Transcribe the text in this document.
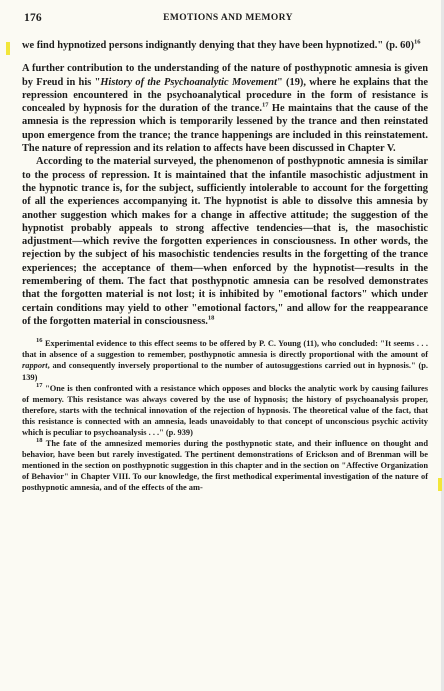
176	EMOTIONS AND MEMORY

we find hypnotized persons indignantly denying that they have been hypnotized." (p. 60)$^{16}$

A further contribution to the understanding of the nature of posthypnotic amnesia is given by Freud in his "History of the Psychoanalytic Movement" (19), where he explains that the repression encountered in the psychoanalytical procedure in the form of resistance is concealed by hypnosis for the duration of the trance.$^{17}$ He maintains that the cause of the amnesia is the repression which is temporarily lessened by the trance and then reinstated upon emergence from the trance; the trance happenings are included in this reinstatement. The nature of repression and its relation to affects have been discussed in Chapter V.

According to the material surveyed, the phenomenon of posthypnotic amnesia is similar to the process of repression. It is maintained that the infantile masochistic adjustment in the hypnotic trance is, for the subject, sufficiently intolerable to account for the forgetting of all the experiences accompanying it. The hypnotist is able to dissolve this amnesia by another suggestion which makes for a change in affective attitude; the suggestion of the hypnotist probably appeals to strong affective tendencies—that is, the masochistic adjustment—which revive the forgotten experiences in consciousness. In other words, the rejection by the subject of his masochistic tendencies results in the forgetting of the trance experiences; the acceptance of them—when enforced by the hypnotist—results in the remembering of them. The fact that posthypnotic amnesia can be resolved demonstrates that the forgotten material is not lost; it is inhibited by "emotional factors" which under certain conditions may yield to other "emotional factors," and allow for the reappearance of the forgotten material in consciousness.$^{18}$

$^{16}$ Experimental evidence to this effect seems to be offered by P. C. Young (11), who concluded: "It seems . . . that in absence of a suggestion to remember, posthypnotic amnesia is directly proportional with the amount of rapport, and consequently inversely proportional to the number of autosuggestions carried out in hypnosis." (p. 139)

$^{17}$ "One is then confronted with a resistance which opposes and blocks the analytic work by causing failures of memory. This resistance was always covered by the use of hypnosis; the history of psychoanalysis proper, therefore, starts with the technical innovation of the rejection of hypnosis. The theoretical value of the fact, that this resistance is connected with an amnesia, leads unavoidably to that concept of unconscious psychic activity which is peculiar to psychoanalysis . . ." (p. 939)

$^{18}$ The fate of the amnesized memories during the posthypnotic state, and their influence on thought and behavior, have been but rarely investigated. The pertinent demonstrations of Erickson and of Brenman will be mentioned in the section on posthypnotic suggestion in this chapter and in the section on "Affective Organization of Behavior" in Chapter VIII. To our knowledge, the first methodical experimental investigation of the nature of posthypnotic amnesia, and of the effects of the am-
